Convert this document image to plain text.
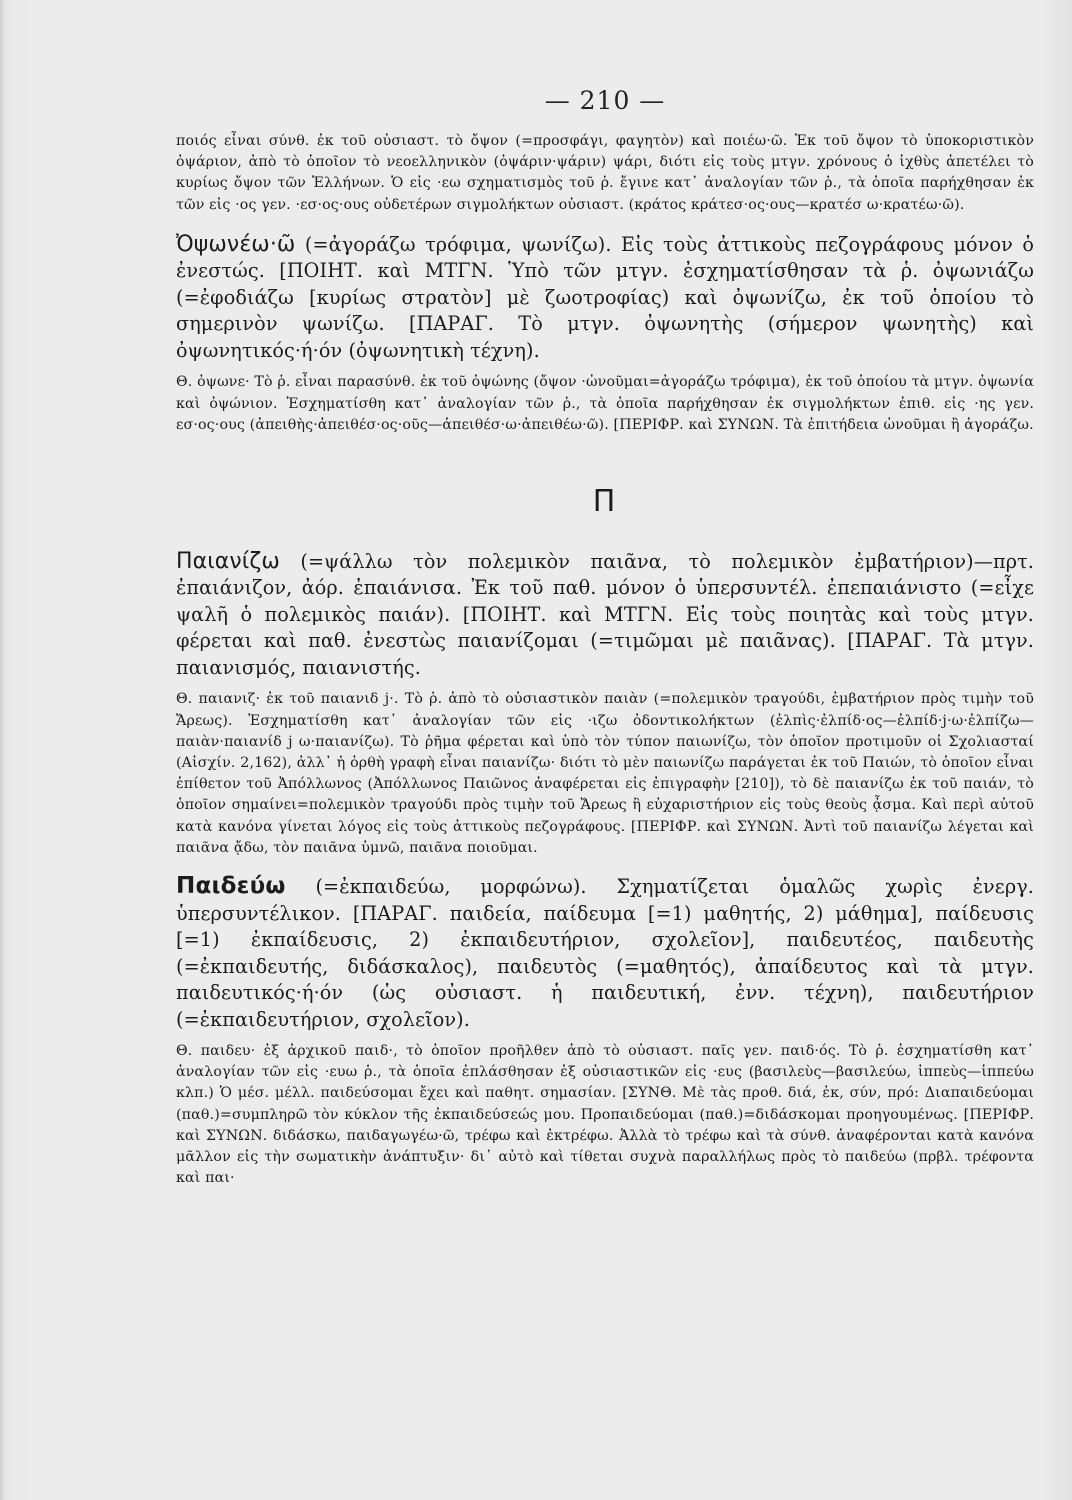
— 210 —

ποιός εἶναι σύνθ. ἐκ τοῦ οὐσιαστ. τὸ ὄψον (=προσφάγι, φαγητὸν) καὶ ποιέω·ῶ. Ἐκ τοῦ ὄψον τὸ ὑποκοριστικὸν ὀψάριον, ἀπὸ τὸ ὁποῖον τὸ νεοελληνικὸν (ὀψάριν·ψάριν) ψάρι, διότι εἰς τοὺς μτγν. χρόνους ὁ ἰχθὺς ἀπετέλει τὸ κυρίως ὄψον τῶν Ἑλλήνων. Ὁ εἰς ·εω σχηματισμὸς τοῦ ῥ. ἔγινε κατ᾽ ἀναλογίαν τῶν ῥ., τὰ ὁποῖα παρήχθησαν ἐκ τῶν εἰς ·ος γεν. ·εσ·ος·ους οὐδετέρων σιγμολήκτων οὐσιαστ. (κράτος κράτεσ·ος·ους—κρατέσ ω·κρατέω·ῶ).

Ὀψωνέω·ῶ (=ἀγοράζω τρόφιμα, ψωνίζω). Εἰς τοὺς ἀττικοὺς πεζογράφους μόνον ὁ ἐνεστώς. [ΠΟΙΗΤ. καὶ ΜΤΓΝ. Ὑπὸ τῶν μτγν. ἐσχηματίσθησαν τὰ ῥ. ὀψωνιάζω (=ἐφοδιάζω [κυρίως στρατὸν] μὲ ζωοτροφίας) καὶ ὀψωνίζω, ἐκ τοῦ ὁποίου τὸ σημερινὸν ψωνίζω. [ΠΑΡΑΓ. Τὸ μτγν. ὀψωνητὴς (σήμερον ψωνητὴς) καὶ ὀψωνητικός·ή·όν (ὀψωνητικὴ τέχνη).

Θ. ὀψωνε· Τὸ ῥ. εἶναι παρασύνθ. ἐκ τοῦ ὀψώνης (ὄψον ·ὠνοῦμαι=ἀγοράζω τρόφιμα), ἐκ τοῦ ὁποίου τὰ μτγν. ὀψωνία καὶ ὀψώνιον. Ἐσχηματίσθη κατ᾽ ἀναλογίαν τῶν ῥ., τὰ ὁποῖα παρήχθησαν ἐκ σιγμολήκτων ἐπιθ. εἰς ·ης γεν. εσ·ος·ους (ἀπειθὴς·ἀπειθέσ·ος·οῦς—ἀπειθέσ·ω·ἀπειθέω·ῶ). [ΠΕΡΙΦΡ. καὶ ΣΥΝΩΝ. Τὰ ἐπιτήδεια ὠνοῦμαι ἢ ἀγοράζω.

Π

Παιανίζω (=ψάλλω τὸν πολεμικὸν παιᾶνα, τὸ πολεμικὸν ἐμβατήριον)—πρτ. ἐπαιάνιζον, ἀόρ. ἐπαιάνισα. Ἐκ τοῦ παθ. μόνον ὁ ὑπερσυντέλ. ἐπεπαιάνιστο (=εἶχε ψαλῆ ὁ πολεμικὸς παιάν). [ΠΟΙΗΤ. καὶ ΜΤΓΝ. Εἰς τοὺς ποιητὰς καὶ τοὺς μτγν. φέρεται καὶ παθ. ἐνεστὼς παιανίζομαι (=τιμῶμαι μὲ παιᾶνας). [ΠΑΡΑΓ. Τὰ μτγν. παιανισμός, παιανιστής.

Θ. παιανιζ· ἐκ τοῦ παιανιδ j·. Τὸ ῥ. ἀπὸ τὸ οὐσιαστικὸν παιὰν (=πολεμικὸν τραγούδι, ἐμβατήριον πρὸς τιμὴν τοῦ Ἄρεως). Ἐσχηματίσθη κατ᾽ ἀναλογίαν τῶν εἰς ·ιζω ὀδοντικολήκτων (ἐλπὶς·ἐλπίδ·ος—ἐλπίδ·j·ω·ἐλπίζω—παιὰν·παιανίδ j ω·παιανίζω). Τὸ ῥῆμα φέρεται καὶ ὑπὸ τὸν τύπον παιωνίζω, τὸν ὁποῖον προτιμοῦν οἱ Σχολιασταί (Αἰσχίν. 2,162), ἀλλ᾽ ἡ ὀρθὴ γραφὴ εἶναι παιανίζω· διότι τὸ μὲν παιωνίζω παράγεται ἐκ τοῦ Παιών, τὸ ὁποῖον εἶναι ἐπίθετον τοῦ Ἀπόλλωνος (Ἀπόλλωνος Παιῶνος ἀναφέρεται εἰς ἐπιγραφὴν [210]), τὸ δὲ παιανίζω ἐκ τοῦ παιάν, τὸ ὁποῖον σημαίνει=πολεμικὸν τραγούδι πρὸς τιμὴν τοῦ Ἄρεως ἢ εὐχαριστήριον εἰς τοὺς θεοὺς ᾆσμα. Καὶ περὶ αὐτοῦ κατὰ κανόνα γίνεται λόγος εἰς τοὺς ἀττικοὺς πεζογράφους. [ΠΕΡΙΦΡ. καὶ ΣΥΝΩΝ. Ἀντὶ τοῦ παιανίζω λέγεται καὶ παιᾶνα ᾄδω, τὸν παιᾶνα ὑμνῶ, παιᾶνα ποιοῦμαι.

Παιδεύω (=ἐκπαιδεύω, μορφώνω). Σχηματίζεται ὁμαλῶς χωρὶς ἐνεργ. ὑπερσυντέλικον. [ΠΑΡΑΓ. παιδεία, παίδευμα [=1) μαθητής, 2) μάθημα], παίδευσις [=1) ἐκπαίδευσις, 2) ἐκπαιδευτήριον, σχολεῖον], παιδευτέος, παιδευτὴς (=ἐκπαιδευτής, διδάσκαλος), παιδευτὸς (=μαθητός), ἀπαίδευτος καὶ τὰ μτγν. παιδευτικός·ή·όν (ὡς οὐσιαστ. ἡ παιδευτική, ἐνν. τέχνη), παιδευτήριον (=ἐκπαιδευτήριον, σχολεῖον).

Θ. παιδευ· ἐξ ἀρχικοῦ παιδ·, τὸ ὁποῖον προῆλθεν ἀπὸ τὸ οὐσιαστ. παῖς γεν. παιδ·ός. Τὸ ῥ. ἐσχηματίσθη κατ᾽ ἀναλογίαν τῶν εἰς ·ευω ῥ., τὰ ὁποῖα ἐπλάσθησαν ἐξ οὐσιαστικῶν εἰς ·ευς (βασιλεὺς—βασιλεύω, ἱππεὺς—ἱππεύω κλπ.) Ὁ μέσ. μέλλ. παιδεύσομαι ἔχει καὶ παθητ. σημασίαν. [ΣΥΝΘ. Μὲ τὰς προθ. διά, ἐκ, σύν, πρό: Διαπαιδεύομαι (παθ.)=συμπληρῶ τὸν κύκλον τῆς ἐκπαιδεύσεώς μου. Προπαιδεύομαι (παθ.)=διδάσκομαι προηγουμένως. [ΠΕΡΙΦΡ. καὶ ΣΥΝΩΝ. διδάσκω, παιδαγωγέω·ῶ, τρέφω καὶ ἐκτρέφω. Ἀλλὰ τὸ τρέφω καὶ τὰ σύνθ. ἀναφέρονται κατὰ κανόνα μᾶλλον εἰς τὴν σωματικὴν ἀνάπτυξιν· δι᾽ αὐτὸ καὶ τίθεται συχνὰ παραλλήλως πρὸς τὸ παιδεύω (πρβλ. τρέφοντα καὶ παι·
